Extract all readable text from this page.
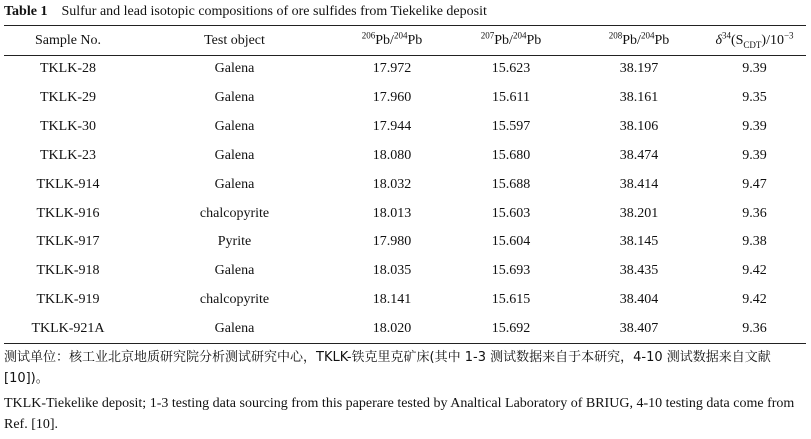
Table 1 Sulfur and lead isotopic compositions of ore sulfides from Tiekelike deposit
Sample No.	Test object	$^{206}$Pb/$^{204}$Pb	$^{207}$Pb/$^{204}$Pb	$^{208}$Pb/$^{204}$Pb	$\delta^{34}(S_{CDT})/10^{-3}$
TKLK-28	Galena	17.972	15.623	38.197	9.39
TKLK-29	Galena	17.960	15.611	38.161	9.35
TKLK-30	Galena	17.944	15.597	38.106	9.39
TKLK-23	Galena	18.080	15.680	38.474	9.39
TKLK-914	Galena	18.032	15.688	38.414	9.47
TKLK-916	chalcopyrite	18.013	15.603	38.201	9.36
TKLK-917	Pyrite	17.980	15.604	38.145	9.38
TKLK-918	Galena	18.035	15.693	38.435	9.42
TKLK-919	chalcopyrite	18.141	15.615	38.404	9.42
TKLK-921A	Galena	18.020	15.692	38.407	9.36

测试单位：核工业北京地质研究院分析测试研究中心，TKLK-铁克里克矿床(其中 1-3 测试数据来自于本研究，4-10 测试数据来自文献[10])。

TKLK-Tiekelike deposit; 1-3 testing data sourcing from this paperare tested by Analtical Laboratory of BRIUG, 4-10 testing data come from Ref. [10].
